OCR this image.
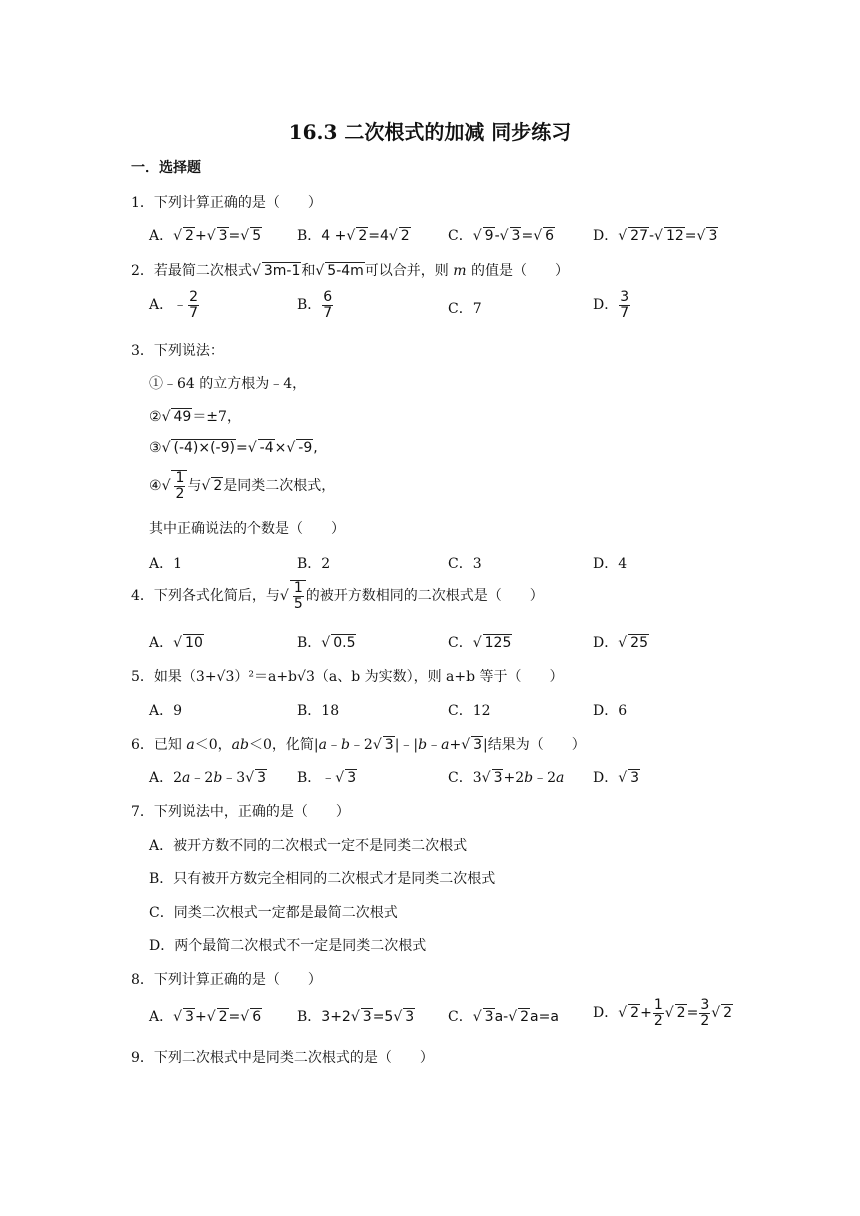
16.3 二次根式的加减 同步练习
一．选择题
1．下列计算正确的是（　　）
A．√ 2+√ 3=√ 5	B．4 +√ 2=4√ 2	C．√ 9-√ 3=√ 6	D．√ 27-√ 12=√ 3
2．若最简二次根式√ 3m-1和√ 5-4m可以合并，则 m 的值是（　　）
A．﹣ $\frac{2}{7}$	B． $\frac{6}{7}$	C．7	D． $\frac{3}{7}$
3．下列说法：
①﹣64 的立方根为﹣4，
②√ 49＝±7，
③√ (-4)×(-9)=√ -4×√ -9,
④√ $\frac{1}{2}$ 与√ 2是同类二次根式，
其中正确说法的个数是（　　）
A．1	B．2	C．3	D．4
4．下列各式化简后，与√ $\frac{1}{5}$ 的被开方数相同的二次根式是（　　）
A．√ 10	B．√ 0.5	C．√ 125	D．√ 25
5．如果（3+√3）²＝a+b√3（a、b 为实数），则 a+b 等于（　　）
A．9	B．18	C．12	D．6
6．已知 a＜0，ab＜0，化简|a﹣b﹣2√ 3|﹣|b﹣a+√ 3|结果为（　　）
A．2a﹣2b﹣3√ 3 B．﹣√ 3	C．3√ 3+2b﹣2a D．√ 3
7．下列说法中，正确的是（　　）
A．被开方数不同的二次根式一定不是同类二次根式
B．只有被开方数完全相同的二次根式才是同类二次根式
C．同类二次根式一定都是最简二次根式
D．两个最简二次根式不一定是同类二次根式
8．下列计算正确的是（　　）
A．√ 3+√ 2=√ 6	B．3+2√ 3=5√ 3 C．√ 3a-√ 2a=a D．√ $2+ \frac{1}{2}$ √ $2= \frac{3}{2}$ √ 2
9．下列二次根式中是同类二次根式的是（　　）
